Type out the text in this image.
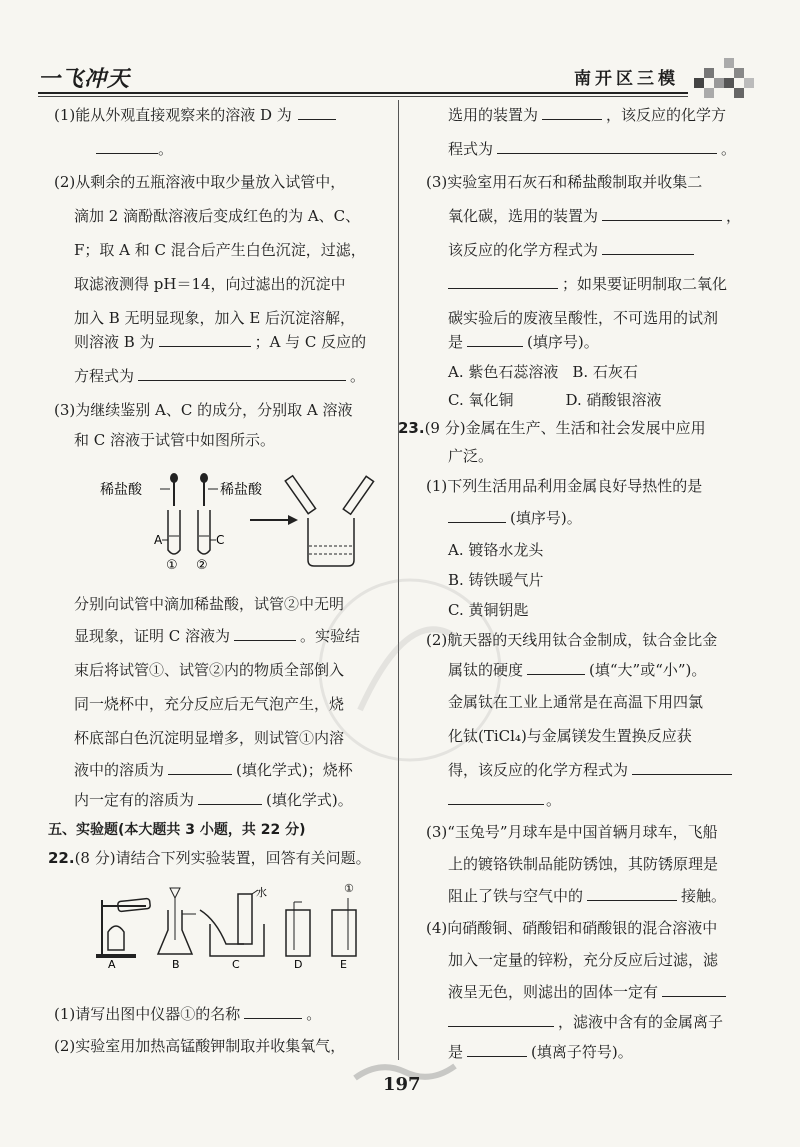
一飞冲天	南开区三模
(1)能从外观直接观察来的溶液 D 为
。
(2)从剩余的五瓶溶液中取少量放入试管中，
滴加 2 滴酚酞溶液后变成红色的为 A、C、
F；取 A 和 C 混合后产生白色沉淀，过滤，
取滤液测得 pH＝14，向过滤出的沉淀中
加入 B 无明显现象，加入 E 后沉淀溶解，
则溶液 B 为	；A 与 C 反应的
方程式为	。
(3)为继续鉴别 A、C 的成分，分别取 A 溶液
和 C 溶液于试管中如图所示。
稀盐酸	稀盐酸
A	C
① ②
分别向试管中滴加稀盐酸，试管②中无明
显现象，证明 C 溶液为	。实验结
束后将试管①、试管②内的物质全部倒入
同一烧杯中，充分反应后无气泡产生，烧
杯底部白色沉淀明显增多，则试管①内溶
液中的溶质为	(填化学式)；烧杯
内一定有的溶质为	(填化学式)。
五、实验题(本大题共 3 小题，共 22 分)
22.(8 分)请结合下列实验装置，回答有关问题。
A	B
水
C	D
①
E
(1)请写出图中仪器①的名称	。
(2)实验室用加热高锰酸钾制取并收集氧气，
选用的装置为	，该反应的化学方
程式为	。
(3)实验室用石灰石和稀盐酸制取并收集二
氧化碳，选用的装置为	，
该反应的化学方程式为
；如果要证明制取二氧化
碳实验后的废液呈酸性，不可选用的试剂
是	(填序号)。
A. 紫色石蕊溶液 B. 石灰石
C. 氧化铜	D. 硝酸银溶液
23.(9 分)金属在生产、生活和社会发展中应用
广泛。
(1)下列生活用品利用金属良好导热性的是
(填序号)。
A. 镀铬水龙头
B. 铸铁暖气片
C. 黄铜钥匙
(2)航天器的天线用钛合金制成，钛合金比金
属钛的硬度	(填“大”或“小”)。
金属钛在工业上通常是在高温下用四氯
化钛(TiCl₄)与金属镁发生置换反应获
得，该反应的化学方程式为
。
(3)“玉兔号”月球车是中国首辆月球车，飞船
上的镀铬铁制品能防锈蚀，其防锈原理是
阻止了铁与空气中的	接触。
(4)向硝酸铜、硝酸铝和硝酸银的混合溶液中
加入一定量的锌粉，充分反应后过滤，滤
液呈无色，则滤出的固体一定有
，滤液中含有的金属离子
是	(填离子符号)。
197
